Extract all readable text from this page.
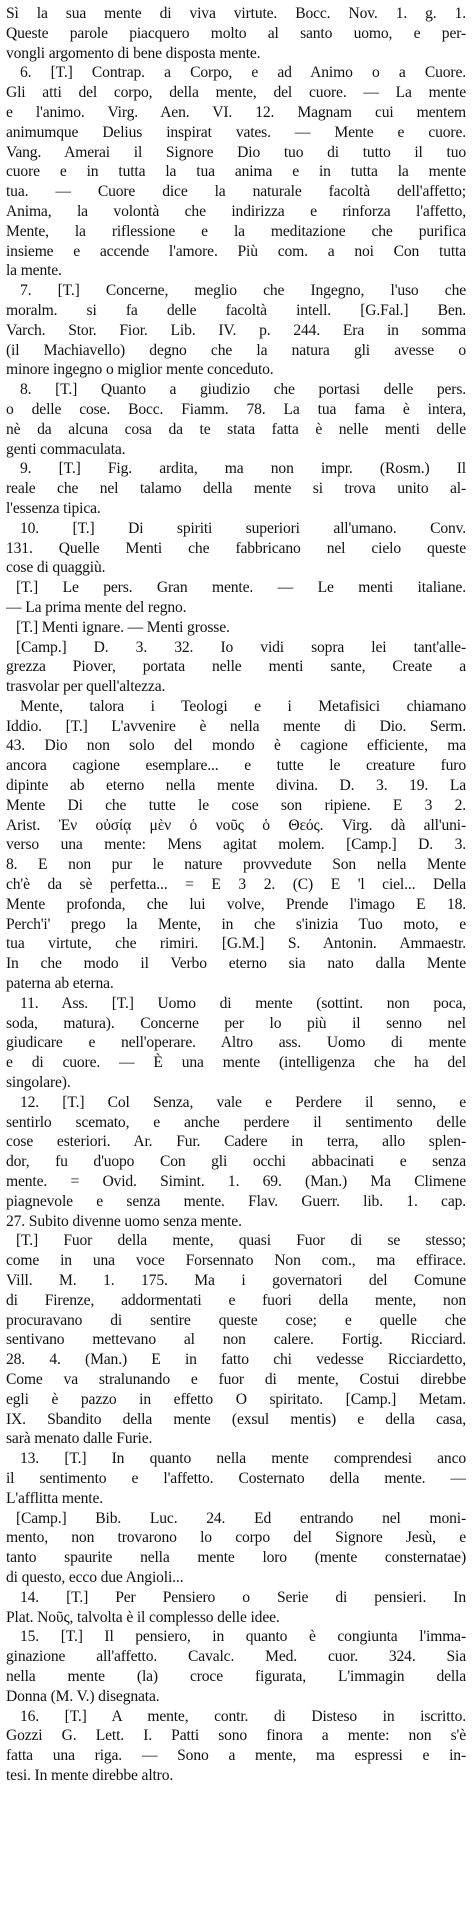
Sì la sua mente di viva virtute. Bocc. Nov. 1. g. 1.
Queste parole piacquero molto al santo uomo, e per-
vongli argomento di bene disposta mente.
6. [T.] Contrap. a Corpo, e ad Animo o a Cuore.
Gli atti del corpo, della mente, del cuore. — La mente
e l'animo. Virg. Aen. VI. 12. Magnam cui mentem
animumque Delius inspirat vates. — Mente e cuore.
Vang. Amerai il Signore Dio tuo di tutto il tuo
cuore e in tutta la tua anima e in tutta la mente
tua. — Cuore dice la naturale facoltà dell'affetto;
Anima, la volontà che indirizza e rinforza l'affetto,
Mente, la riflessione e la meditazione che purifica
insieme e accende l'amore. Più com. a noi Con tutta
la mente.
7. [T.] Concerne, meglio che Ingegno, l'uso che
moralm. si fa delle facoltà intell. [G.Fal.] Ben.
Varch. Stor. Fior. Lib. IV. p. 244. Era in somma
(il Machiavello) degno che la natura gli avesse o
minore ingegno o miglior mente conceduto.
8. [T.] Quanto a giudizio che portasi delle pers.
o delle cose. Bocc. Fiamm. 78. La tua fama è intera,
nè da alcuna cosa da te stata fatta è nelle menti delle
genti commaculata.
9. [T.] Fig. ardita, ma non impr. (Rosm.) Il
reale che nel talamo della mente si trova unito al-
l'essenza tipica.
10. [T.] Di spiriti superiori all'umano. Conv.
131. Quelle Menti che fabbricano nel cielo queste
cose di quaggiù.
[T.] Le pers. Gran mente. — Le menti italiane.
— La prima mente del regno.
[T.] Menti ignare. — Menti grosse.
[Camp.] D. 3. 32. Io vidi sopra lei tant'alle-
grezza Piover, portata nelle menti sante, Create a
trasvolar per quell'altezza.
Mente, talora i Teologi e i Metafisici chiamano
Iddio. [T.] L'avvenire è nella mente di Dio. Serm.
43. Dio non solo del mondo è cagione efficiente, ma
ancora cagione esemplare... e tutte le creature furo
dipinte ab eterno nella mente divina. D. 3. 19. La
Mente Di che tutte le cose son ripiene. E 3 2.
Arist. Ἐν οὐσίᾳ μὲν ὁ νοῦς ὁ Θεός. Virg. dà all'uni-
verso una mente: Mens agitat molem. [Camp.] D. 3.
8. E non pur le nature provvedute Son nella Mente
ch'è da sè perfetta... = E 3 2. (C) E 'l ciel... Della
Mente profonda, che lui volve, Prende l'imago E 18.
Perch'i' prego la Mente, in che s'inizia Tuo moto, e
tua virtute, che rimiri. [G.M.] S. Antonin. Ammaestr.
In che modo il Verbo eterno sia nato dalla Mente
paterna ab eterna.
11. Ass. [T.] Uomo di mente (sottint. non poca,
soda, matura). Concerne per lo più il senno nel
giudicare e nell'operare. Altro ass. Uomo di mente
e di cuore. — È una mente (intelligenza che ha del
singolare).
12. [T.] Col Senza, vale e Perdere il senno, e
sentirlo scemato, e anche perdere il sentimento delle
cose esteriori. Ar. Fur. Cadere in terra, allo splen-
dor, fu d'uopo Con gli occhi abbacinati e senza
mente. = Ovid. Simint. 1. 69. (Man.) Ma Climene
piagnevole e senza mente. Flav. Guerr. lib. 1. cap.
27. Subito divenne uomo senza mente.
[T.] Fuor della mente, quasi Fuor di se stesso;
come in una voce Forsennato Non com., ma effirace.
Vill. M. 1. 175. Ma i governatori del Comune
di Firenze, addormentati e fuori della mente, non
procuravano di sentire queste cose; e quelle che
sentivano mettevano al non calere. Fortig. Ricciard.
28. 4. (Man.) E in fatto chi vedesse Ricciardetto,
Come va stralunando e fuor di mente, Costui direbbe
egli è pazzo in effetto O spiritato. [Camp.] Metam.
IX. Sbandito della mente (exsul mentis) e della casa,
sarà menato dalle Furie.
13. [T.] In quanto nella mente comprendesi anco
il sentimento e l'affetto. Costernato della mente. —
L'afflitta mente.
[Camp.] Bib. Luc. 24. Ed entrando nel moni-
mento, non trovarono lo corpo del Signore Jesù, e
tanto spaurite nella mente loro (mente consternatae)
di questo, ecco due Angioli...
14. [T.] Per Pensiero o Serie di pensieri. In
Plat. Νοῦς, talvolta è il complesso delle idee.
15. [T.] Il pensiero, in quanto è congiunta l'imma-
ginazione all'affetto. Cavalc. Med. cuor. 324. Sia
nella mente (la) croce figurata, L'immagin della
Donna (M. V.) disegnata.
16. [T.] A mente, contr. di Disteso in iscritto.
Gozzi G. Lett. I. Patti sono finora a mente: non s'è
fatta una riga. — Sono a mente, ma espressi e in-
tesi. In mente direbbe altro.
